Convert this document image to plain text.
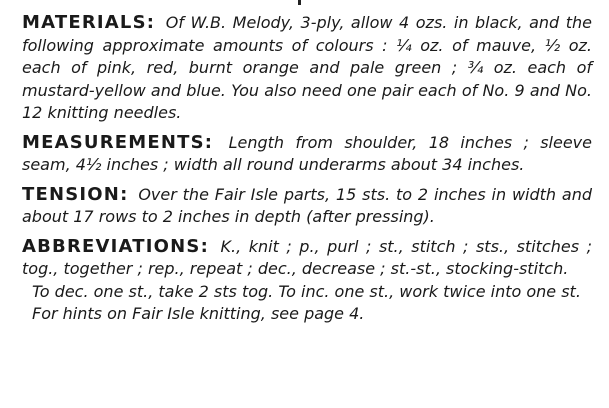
MATERIALS: Of W.B. Melody, 3-ply, allow 4 ozs. in black, and the following approximate amounts of colours : ¼ oz. of mauve, ½ oz. each of pink, red, burnt orange and pale green ; ¾ oz. each of mustard-yellow and blue. You also need one pair each of No. 9 and No. 12 knitting needles.

MEASUREMENTS: Length from shoulder, 18 inches ; sleeve seam, 4½ inches ; width all round underarms about 34 inches.

TENSION: Over the Fair Isle parts, 15 sts. to 2 inches in width and about 17 rows to 2 inches in depth (after pressing).

ABBREVIATIONS: K., knit ; p., purl ; st., stitch ; sts., stitches ; tog., together ; rep., repeat ; dec., decrease ; st.-st., stocking-stitch.

To dec. one st., take 2 sts tog. To inc. one st., work twice into one st.

For hints on Fair Isle knitting, see page 4.
